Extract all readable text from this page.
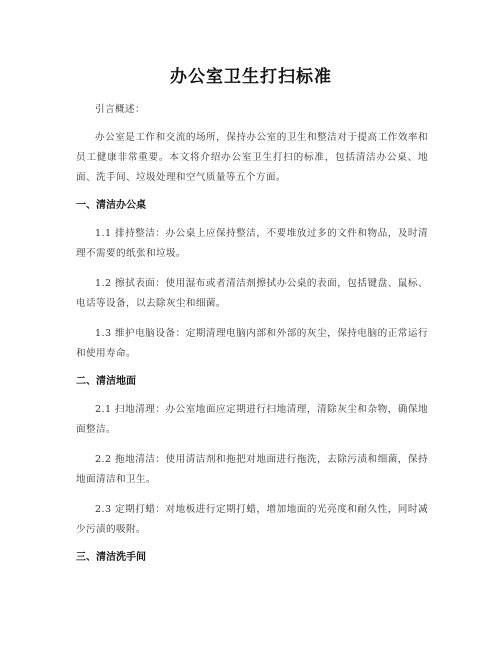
办公室卫生打扫标准

引言概述：

办公室是工作和交流的场所，保持办公室的卫生和整洁对于提高工作效率和员工健康非常重要。本文将介绍办公室卫生打扫的标准，包括清洁办公桌、地面、洗手间、垃圾处理和空气质量等五个方面。

一、清洁办公桌

1.1 排持整洁：办公桌上应保持整洁，不要堆放过多的文件和物品，及时清理不需要的纸张和垃圾。

1.2 擦拭表面：使用湿布或者清洁剂擦拭办公桌的表面，包括键盘、鼠标、电话等设备，以去除灰尘和细菌。

1.3 维护电脑设备：定期清理电脑内部和外部的灰尘，保持电脑的正常运行和使用寿命。

二、清洁地面

2.1 扫地清理：办公室地面应定期进行扫地清理，清除灰尘和杂物，确保地面整洁。

2.2 拖地清洁：使用清洁剂和拖把对地面进行拖洗，去除污渍和细菌，保持地面清洁和卫生。

2.3 定期打蜡：对地板进行定期打蜡，增加地面的光亮度和耐久性，同时减少污渍的吸附。

三、清洁洗手间
